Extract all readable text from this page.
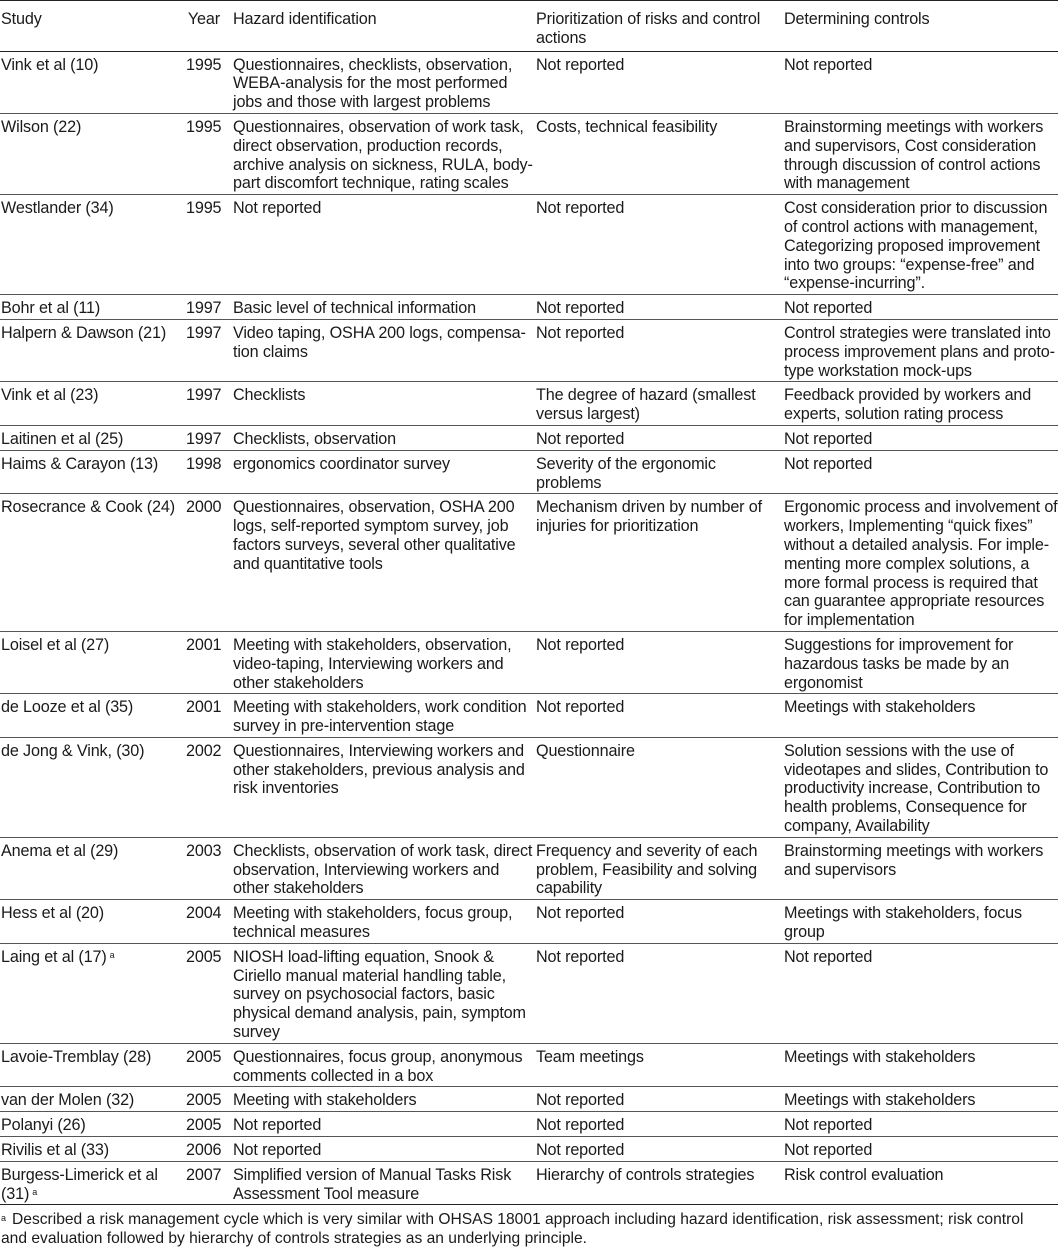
Study	Year	Hazard identification	Prioritization of risks and control actions	Determining controls
Vink et al (10)	1995	Questionnaires, checklists, observation, WEBA-analysis for the most performed jobs and those with largest problems	Not reported	Not reported
Wilson (22)	1995	Questionnaires, observation of work task, direct observation, production records, archive analysis on sickness, RULA, body-part discomfort technique, rating scales	Costs, technical feasibility	Brainstorming meetings with workers and supervisors, Cost consideration through discussion of control actions with management
Westlander (34)	1995	Not reported	Not reported	Cost consideration prior to discussion of control actions with management, Categorizing proposed improvement into two groups: “expense-free” and “expense-incurring”.
Bohr et al (11)	1997	Basic level of technical information	Not reported	Not reported
Halpern & Dawson (21)	1997	Video taping, OSHA 200 logs, compensa-tion claims	Not reported	Control strategies were translated into process improvement plans and proto-type workstation mock-ups
Vink et al (23)	1997	Checklists	The degree of hazard (smallest versus largest)	Feedback provided by workers and experts, solution rating process
Laitinen et al (25)	1997	Checklists, observation	Not reported	Not reported
Haims & Carayon (13)	1998	ergonomics coordinator survey	Severity of the ergonomic problems	Not reported
Rosecrance & Cook (24)	2000	Questionnaires, observation, OSHA 200 logs, self-reported symptom survey, job factors surveys, several other qualitative and quantitative tools	Mechanism driven by number of injuries for prioritization	Ergonomic process and involvement of workers, Implementing “quick fixes” without a detailed analysis. For imple-menting more complex solutions, a more formal process is required that can guarantee appropriate resources for implementation
Loisel et al (27)	2001	Meeting with stakeholders, observation, video-taping, Interviewing workers and other stakeholders	Not reported	Suggestions for improvement for hazardous tasks be made by an ergonomist
de Looze et al (35)	2001	Meeting with stakeholders, work condition survey in pre-intervention stage	Not reported	Meetings with stakeholders
de Jong & Vink, (30)	2002	Questionnaires, Interviewing workers and other stakeholders, previous analysis and risk inventories	Questionnaire	Solution sessions with the use of videotapes and slides, Contribution to productivity increase, Contribution to health problems, Consequence for company, Availability
Anema et al (29)	2003	Checklists, observation of work task, direct observation, Interviewing workers and other stakeholders	Frequency and severity of each problem, Feasibility and solving capability	Brainstorming meetings with workers and supervisors
Hess et al (20)	2004	Meeting with stakeholders, focus group, technical measures	Not reported	Meetings with stakeholders, focus group
Laing et al (17) $^a$	2005	NIOSH load-lifting equation, Snook & Ciriello manual material handling table, survey on psychosocial factors, basic physical demand analysis, pain, symptom survey	Not reported	Not reported
Lavoie-Tremblay (28)	2005	Questionnaires, focus group, anonymous comments collected in a box	Team meetings	Meetings with stakeholders
van der Molen (32)	2005	Meeting with stakeholders	Not reported	Meetings with stakeholders
Polanyi (26)	2005	Not reported	Not reported	Not reported
Rivilis et al (33)	2006	Not reported	Not reported	Not reported
Burgess-Limerick et al (31) $^a$	2007	Simplified version of Manual Tasks Risk Assessment Tool measure	Hierarchy of controls strategies	Risk control evaluation
$^a$ Described a risk management cycle which is very similar with OHSAS 18001 approach including hazard identification, risk assessment; risk control and evaluation followed by hierarchy of controls strategies as an underlying principle.
